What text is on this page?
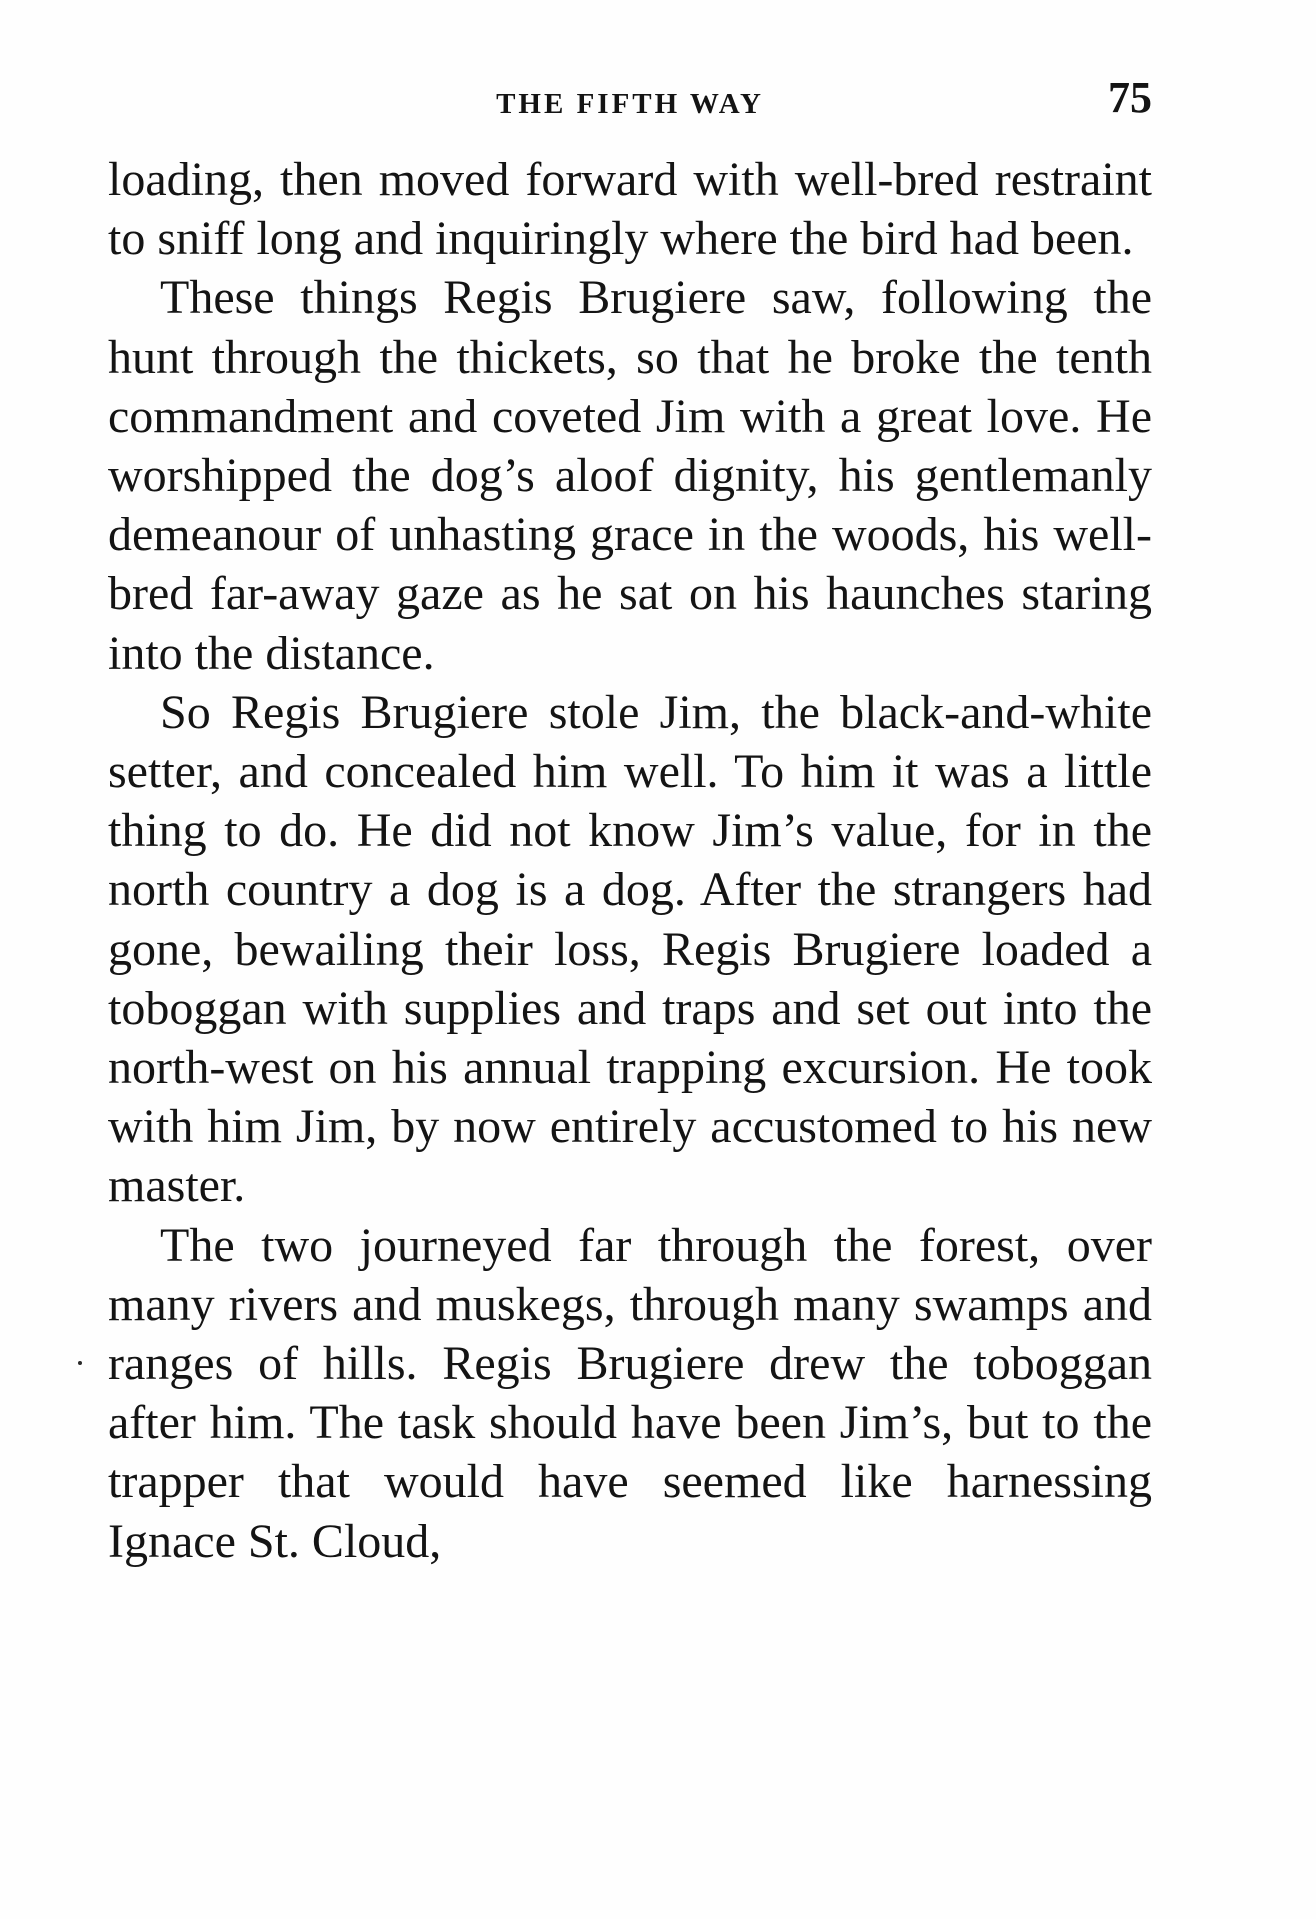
THE FIFTH WAY	75

loading, then moved forward with well-bred restraint to sniff long and inquiringly where the bird had been.

These things Regis Brugiere saw, following the hunt through the thickets, so that he broke the tenth commandment and coveted Jim with a great love. He worshipped the dog’s aloof dignity, his gentlemanly demeanour of unhasting grace in the woods, his well-bred far-away gaze as he sat on his haunches staring into the distance.

So Regis Brugiere stole Jim, the black-and-white setter, and concealed him well. To him it was a little thing to do. He did not know Jim’s value, for in the north country a dog is a dog. After the strangers had gone, bewailing their loss, Regis Brugiere loaded a toboggan with supplies and traps and set out into the north-west on his annual trapping excursion. He took with him Jim, by now entirely accustomed to his new master.

The two journeyed far through the forest, over many rivers and muskegs, through many swamps and ranges of hills. Regis Brugiere drew the toboggan after him. The task should have been Jim’s, but to the trapper that would have seemed like harnessing Ignace St. Cloud,
